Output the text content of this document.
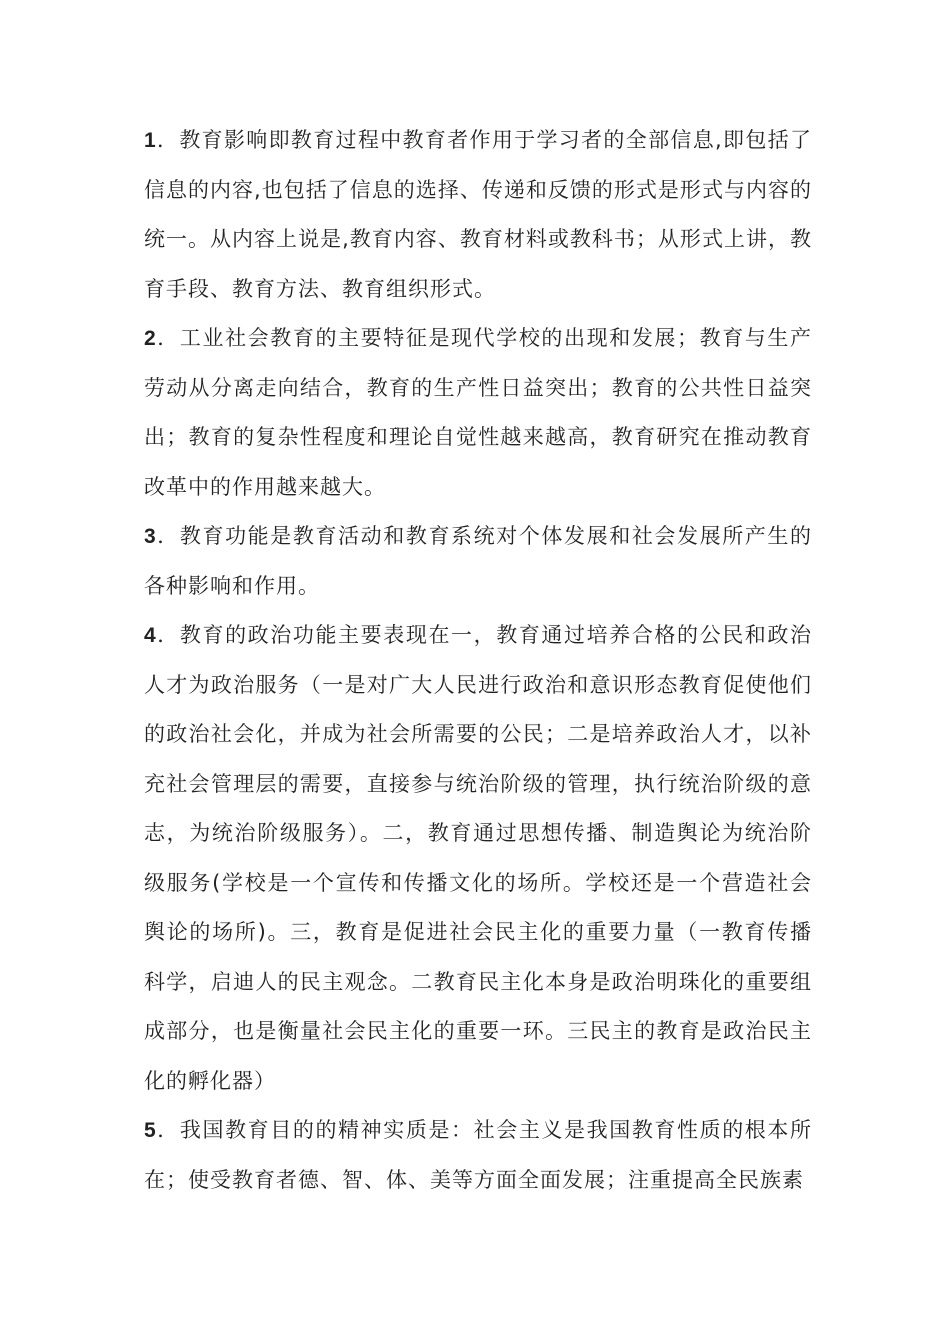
1．教育影响即教育过程中教育者作用于学习者的全部信息,即包括了信息的内容,也包括了信息的选择、传递和反馈的形式是形式与内容的统一。从内容上说是,教育内容、教育材料或教科书；从形式上讲，教育手段、教育方法、教育组织形式。

2．工业社会教育的主要特征是现代学校的出现和发展；教育与生产劳动从分离走向结合，教育的生产性日益突出；教育的公共性日益突出；教育的复杂性程度和理论自觉性越来越高，教育研究在推动教育改革中的作用越来越大。

3．教育功能是教育活动和教育系统对个体发展和社会发展所产生的各种影响和作用。

4．教育的政治功能主要表现在一，教育通过培养合格的公民和政治人才为政治服务（一是对广大人民进行政治和意识形态教育促使他们的政治社会化，并成为社会所需要的公民；二是培养政治人才，以补充社会管理层的需要，直接参与统治阶级的管理，执行统治阶级的意志，为统治阶级服务）。二，教育通过思想传播、制造舆论为统治阶级服务(学校是一个宣传和传播文化的场所。学校还是一个营造社会舆论的场所)。三，教育是促进社会民主化的重要力量（一教育传播科学，启迪人的民主观念。二教育民主化本身是政治明珠化的重要组成部分，也是衡量社会民主化的重要一环。三民主的教育是政治民主化的孵化器）

5．我国教育目的的精神实质是：社会主义是我国教育性质的根本所在；使受教育者德、智、体、美等方面全面发展；注重提高全民族素
